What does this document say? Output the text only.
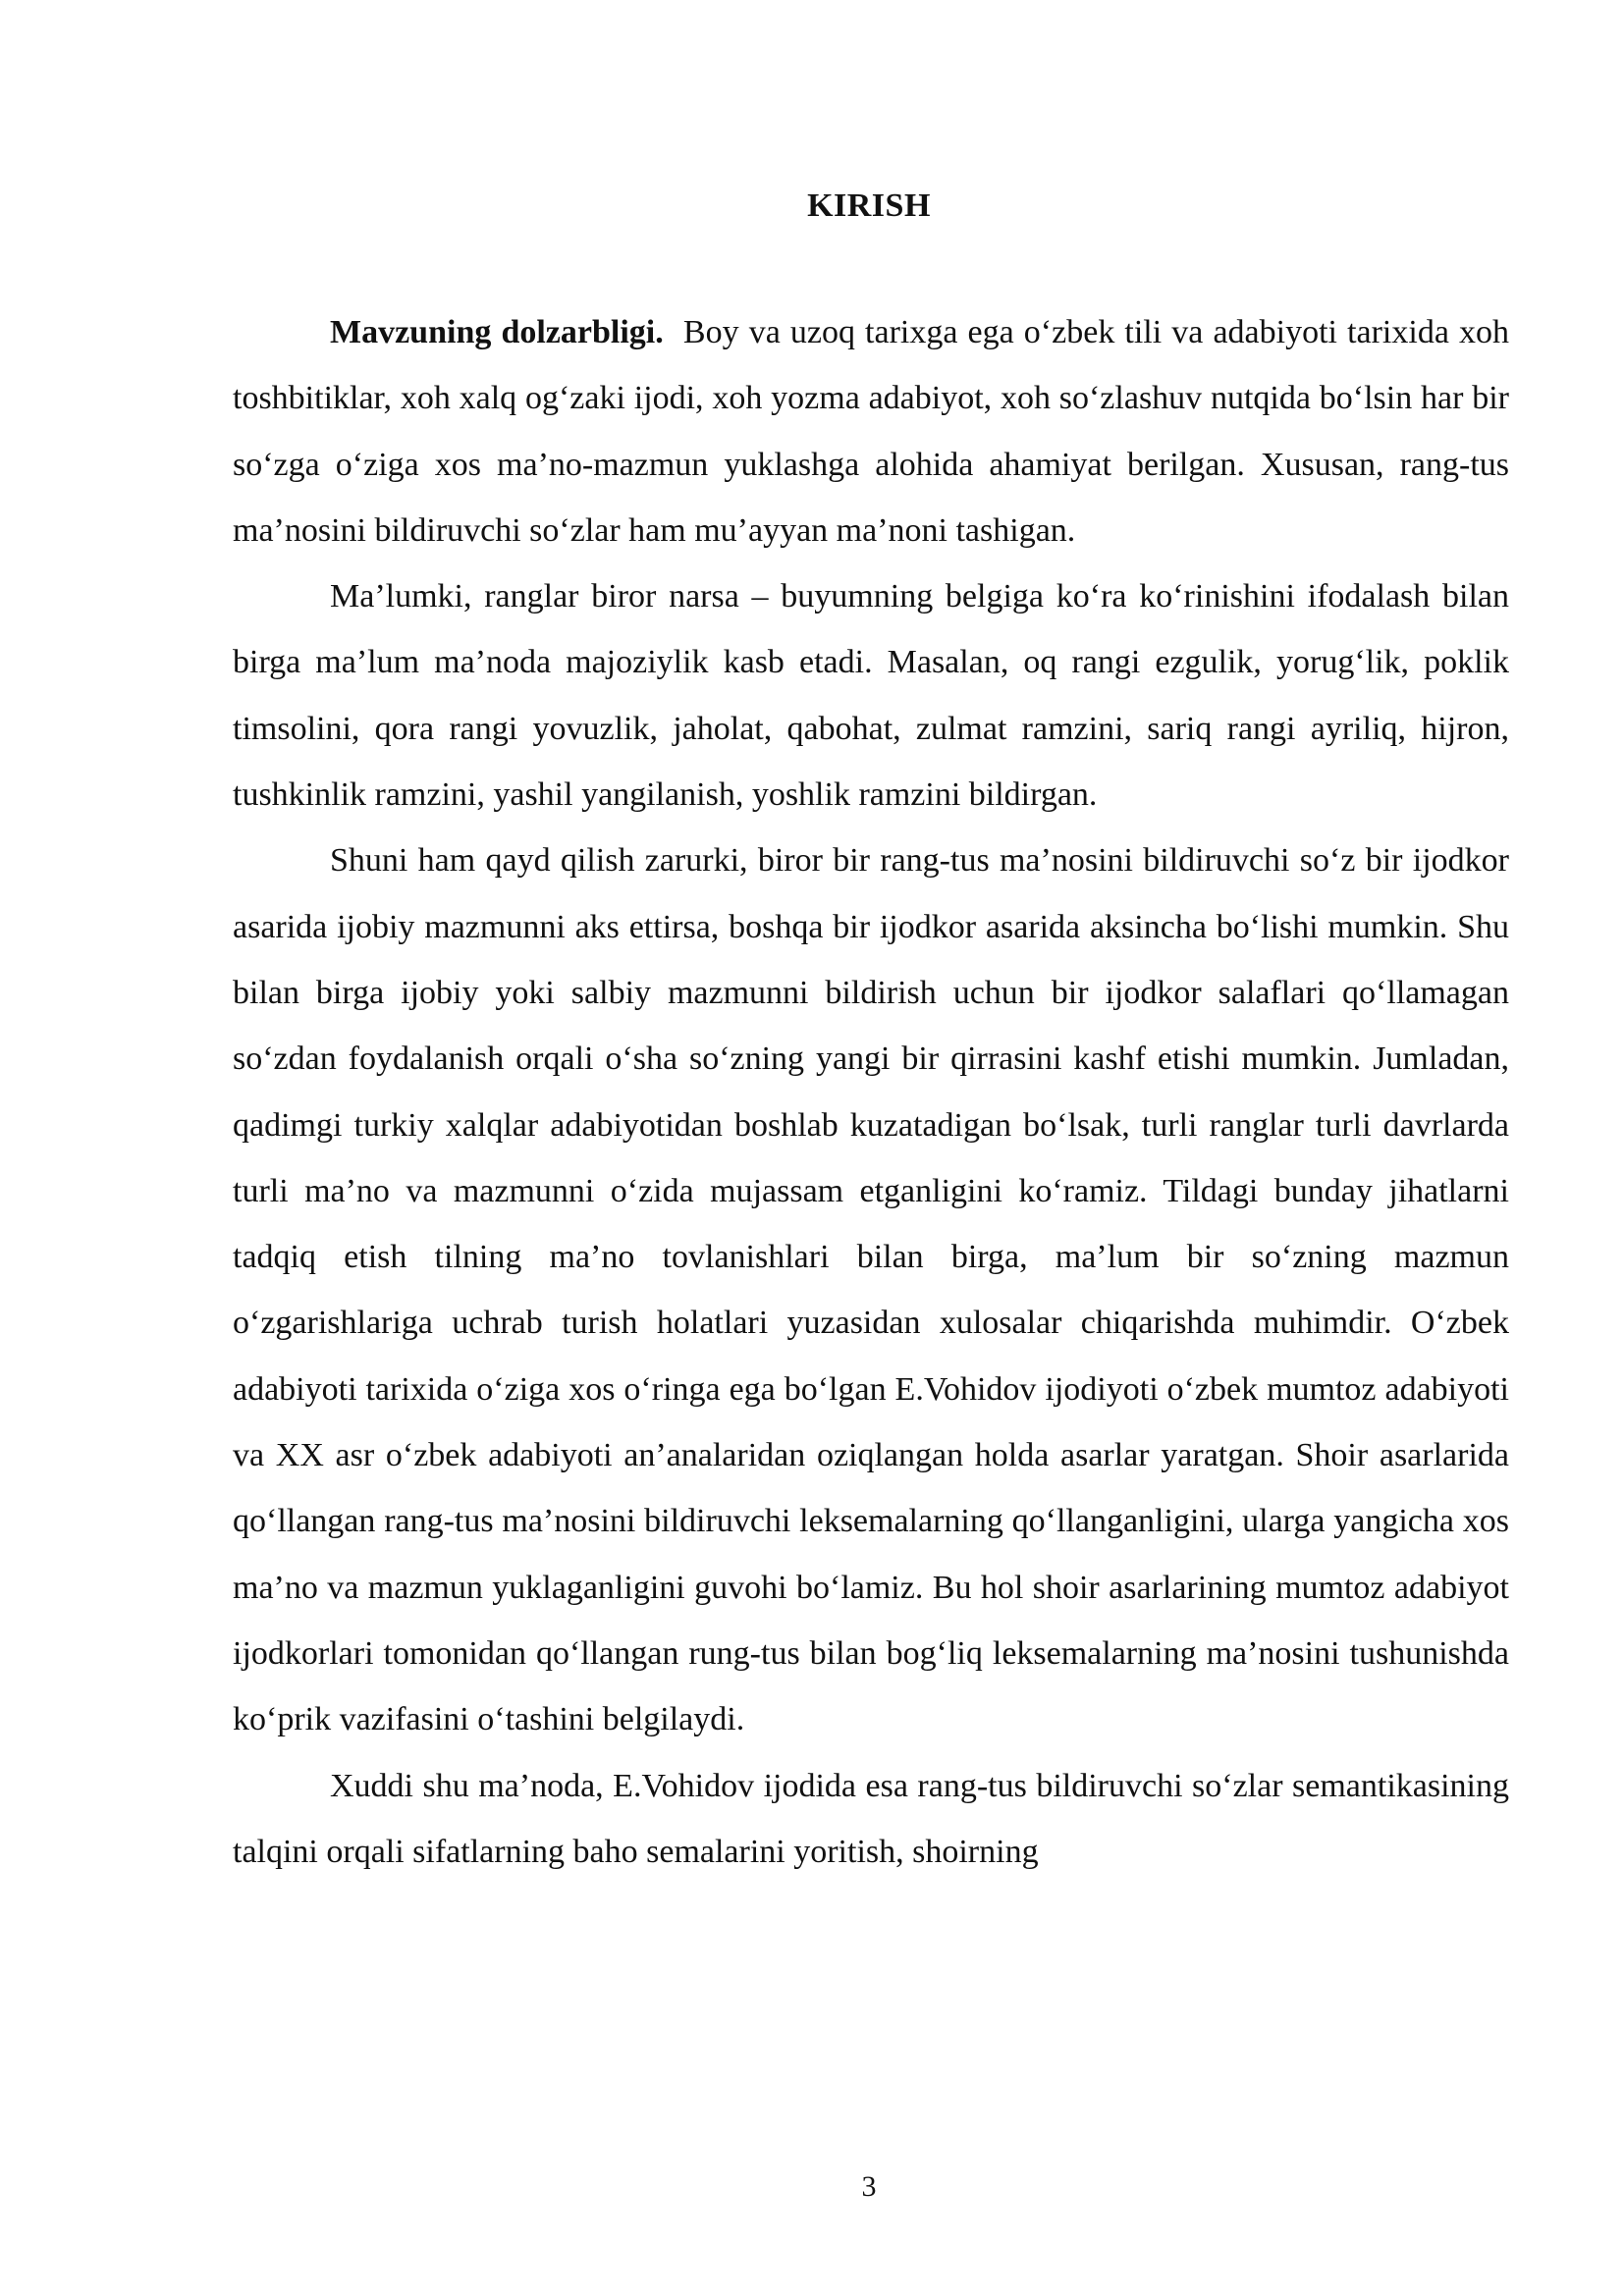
KIRISH

Mavzuning dolzarbligi. Boy va uzoq tarixga ega o‘zbek tili va adabiyoti tarixida xoh toshbitiklar, xoh xalq og‘zaki ijodi, xoh yozma adabiyot, xoh so‘zlashuv nutqida bo‘lsin har bir so‘zga o‘ziga xos ma’no-mazmun yuklashga alohida ahamiyat berilgan. Xususan, rang-tus ma’nosini bildiruvchi so‘zlar ham mu’ayyan ma’noni tashigan.

Ma’lumki, ranglar biror narsa – buyumning belgiga ko‘ra ko‘rinishini ifodalash bilan birga ma’lum ma’noda majoziylik kasb etadi. Masalan, oq rangi ezgulik, yorug‘lik, poklik timsolini, qora rangi yovuzlik, jaholat, qabohat, zulmat ramzini, sariq rangi ayriliq, hijron, tushkinlik ramzini, yashil yangilanish, yoshlik ramzini bildirgan.

Shuni ham qayd qilish zarurki, biror bir rang-tus ma’nosini bildiruvchi so‘z bir ijodkor asarida ijobiy mazmunni aks ettirsa, boshqa bir ijodkor asarida aksincha bo‘lishi mumkin. Shu bilan birga ijobiy yoki salbiy mazmunni bildirish uchun bir ijodkor salaflari qo‘llamagan so‘zdan foydalanish orqali o‘sha so‘zning yangi bir qirrasini kashf etishi mumkin. Jumladan, qadimgi turkiy xalqlar adabiyotidan boshlab kuzatadigan bo‘lsak, turli ranglar turli davrlarda turli ma’no va mazmunni o‘zida mujassam etganligini ko‘ramiz. Tildagi bunday jihatlarni tadqiq etish tilning ma’no tovlanishlari bilan birga, ma’lum bir so‘zning mazmun o‘zgarishlariga uchrab turish holatlari yuzasidan xulosalar chiqarishda muhimdir. O‘zbek adabiyoti tarixida o‘ziga xos o‘ringa ega bo‘lgan E.Vohidov ijodiyoti o‘zbek mumtoz adabiyoti va XX asr o‘zbek adabiyoti an’analaridan oziqlangan holda asarlar yaratgan. Shoir asarlarida qo‘llangan rang-tus ma’nosini bildiruvchi leksemalarning qo‘llanganligini, ularga yangicha xos ma’no va mazmun yuklaganligini guvohi bo‘lamiz. Bu hol shoir asarlarining mumtoz adabiyot ijodkorlari tomonidan qo‘llangan rung-tus bilan bog‘liq leksemalarning ma’nosini tushunishda ko‘prik vazifasini o‘tashini belgilaydi.

Xuddi shu ma’noda, E.Vohidov ijodida esa rang-tus bildiruvchi so‘zlar semantikasining talqini orqali sifatlarning baho semalarini yoritish, shoirning

3
